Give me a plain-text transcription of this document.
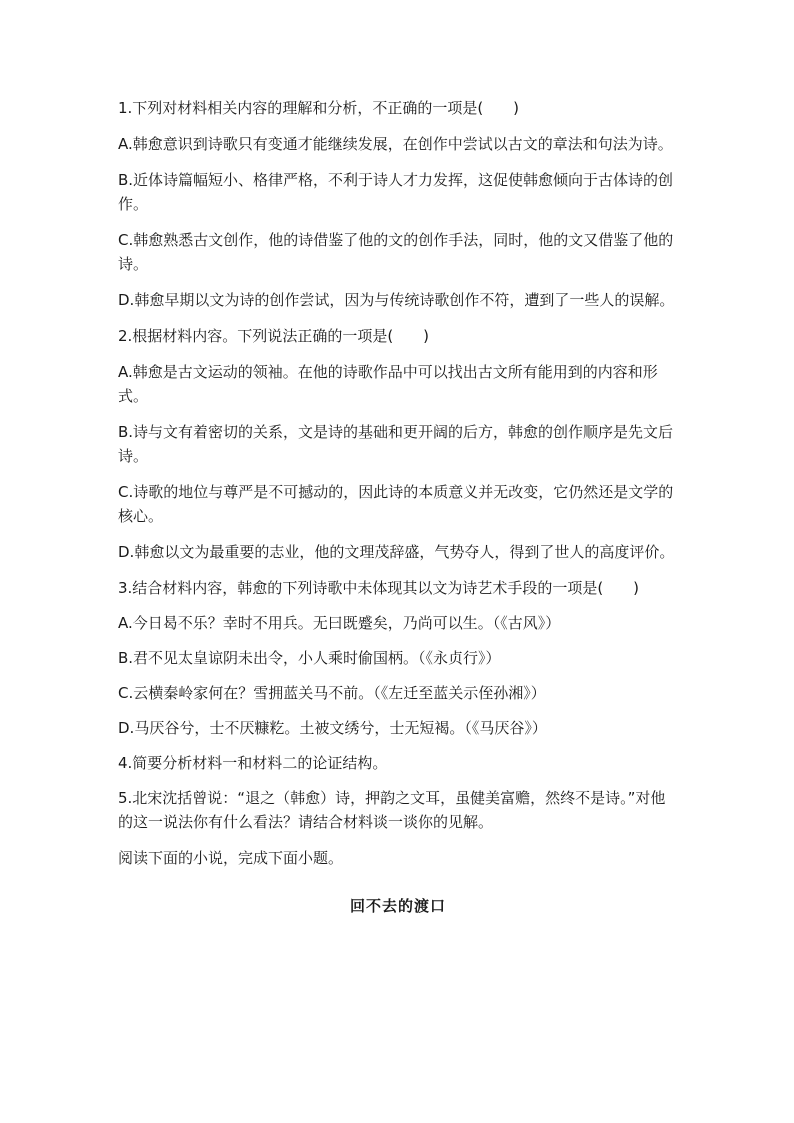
1.下列对材料相关内容的理解和分析，不正确的一项是(　　)

A.韩愈意识到诗歌只有变通才能继续发展，在创作中尝试以古文的章法和句法为诗。

B.近体诗篇幅短小、格律严格，不利于诗人才力发挥，这促使韩愈倾向于古体诗的创作。

C.韩愈熟悉古文创作，他的诗借鉴了他的文的创作手法，同时，他的文又借鉴了他的诗。

D.韩愈早期以文为诗的创作尝试，因为与传统诗歌创作不符，遭到了一些人的误解。

2.根据材料内容。下列说法正确的一项是(　　)

A.韩愈是古文运动的领袖。在他的诗歌作品中可以找出古文所有能用到的内容和形式。

B.诗与文有着密切的关系，文是诗的基础和更开阔的后方，韩愈的创作顺序是先文后诗。

C.诗歌的地位与尊严是不可撼动的，因此诗的本质意义并无改变，它仍然还是文学的核心。

D.韩愈以文为最重要的志业，他的文理茂辞盛，气势夺人，得到了世人的高度评价。

3.结合材料内容，韩愈的下列诗歌中未体现其以文为诗艺术手段的一项是(　　)

A.今日曷不乐？幸时不用兵。无曰既蹙矣，乃尚可以生。（《古风》）

B.君不见太皇谅阴未出令，小人乘时偷国柄。（《永贞行》）

C.云横秦岭家何在？雪拥蓝关马不前。（《左迁至蓝关示侄孙湘》）

D.马厌谷兮，士不厌糠籺。土被文绣兮，士无短褐。（《马厌谷》）

4.简要分析材料一和材料二的论证结构。

5.北宋沈括曾说：“退之（韩愈）诗，押韵之文耳，虽健美富赡，然终不是诗。”对他的这一说法你有什么看法？请结合材料谈一谈你的见解。

阅读下面的小说，完成下面小题。

回不去的渡口
